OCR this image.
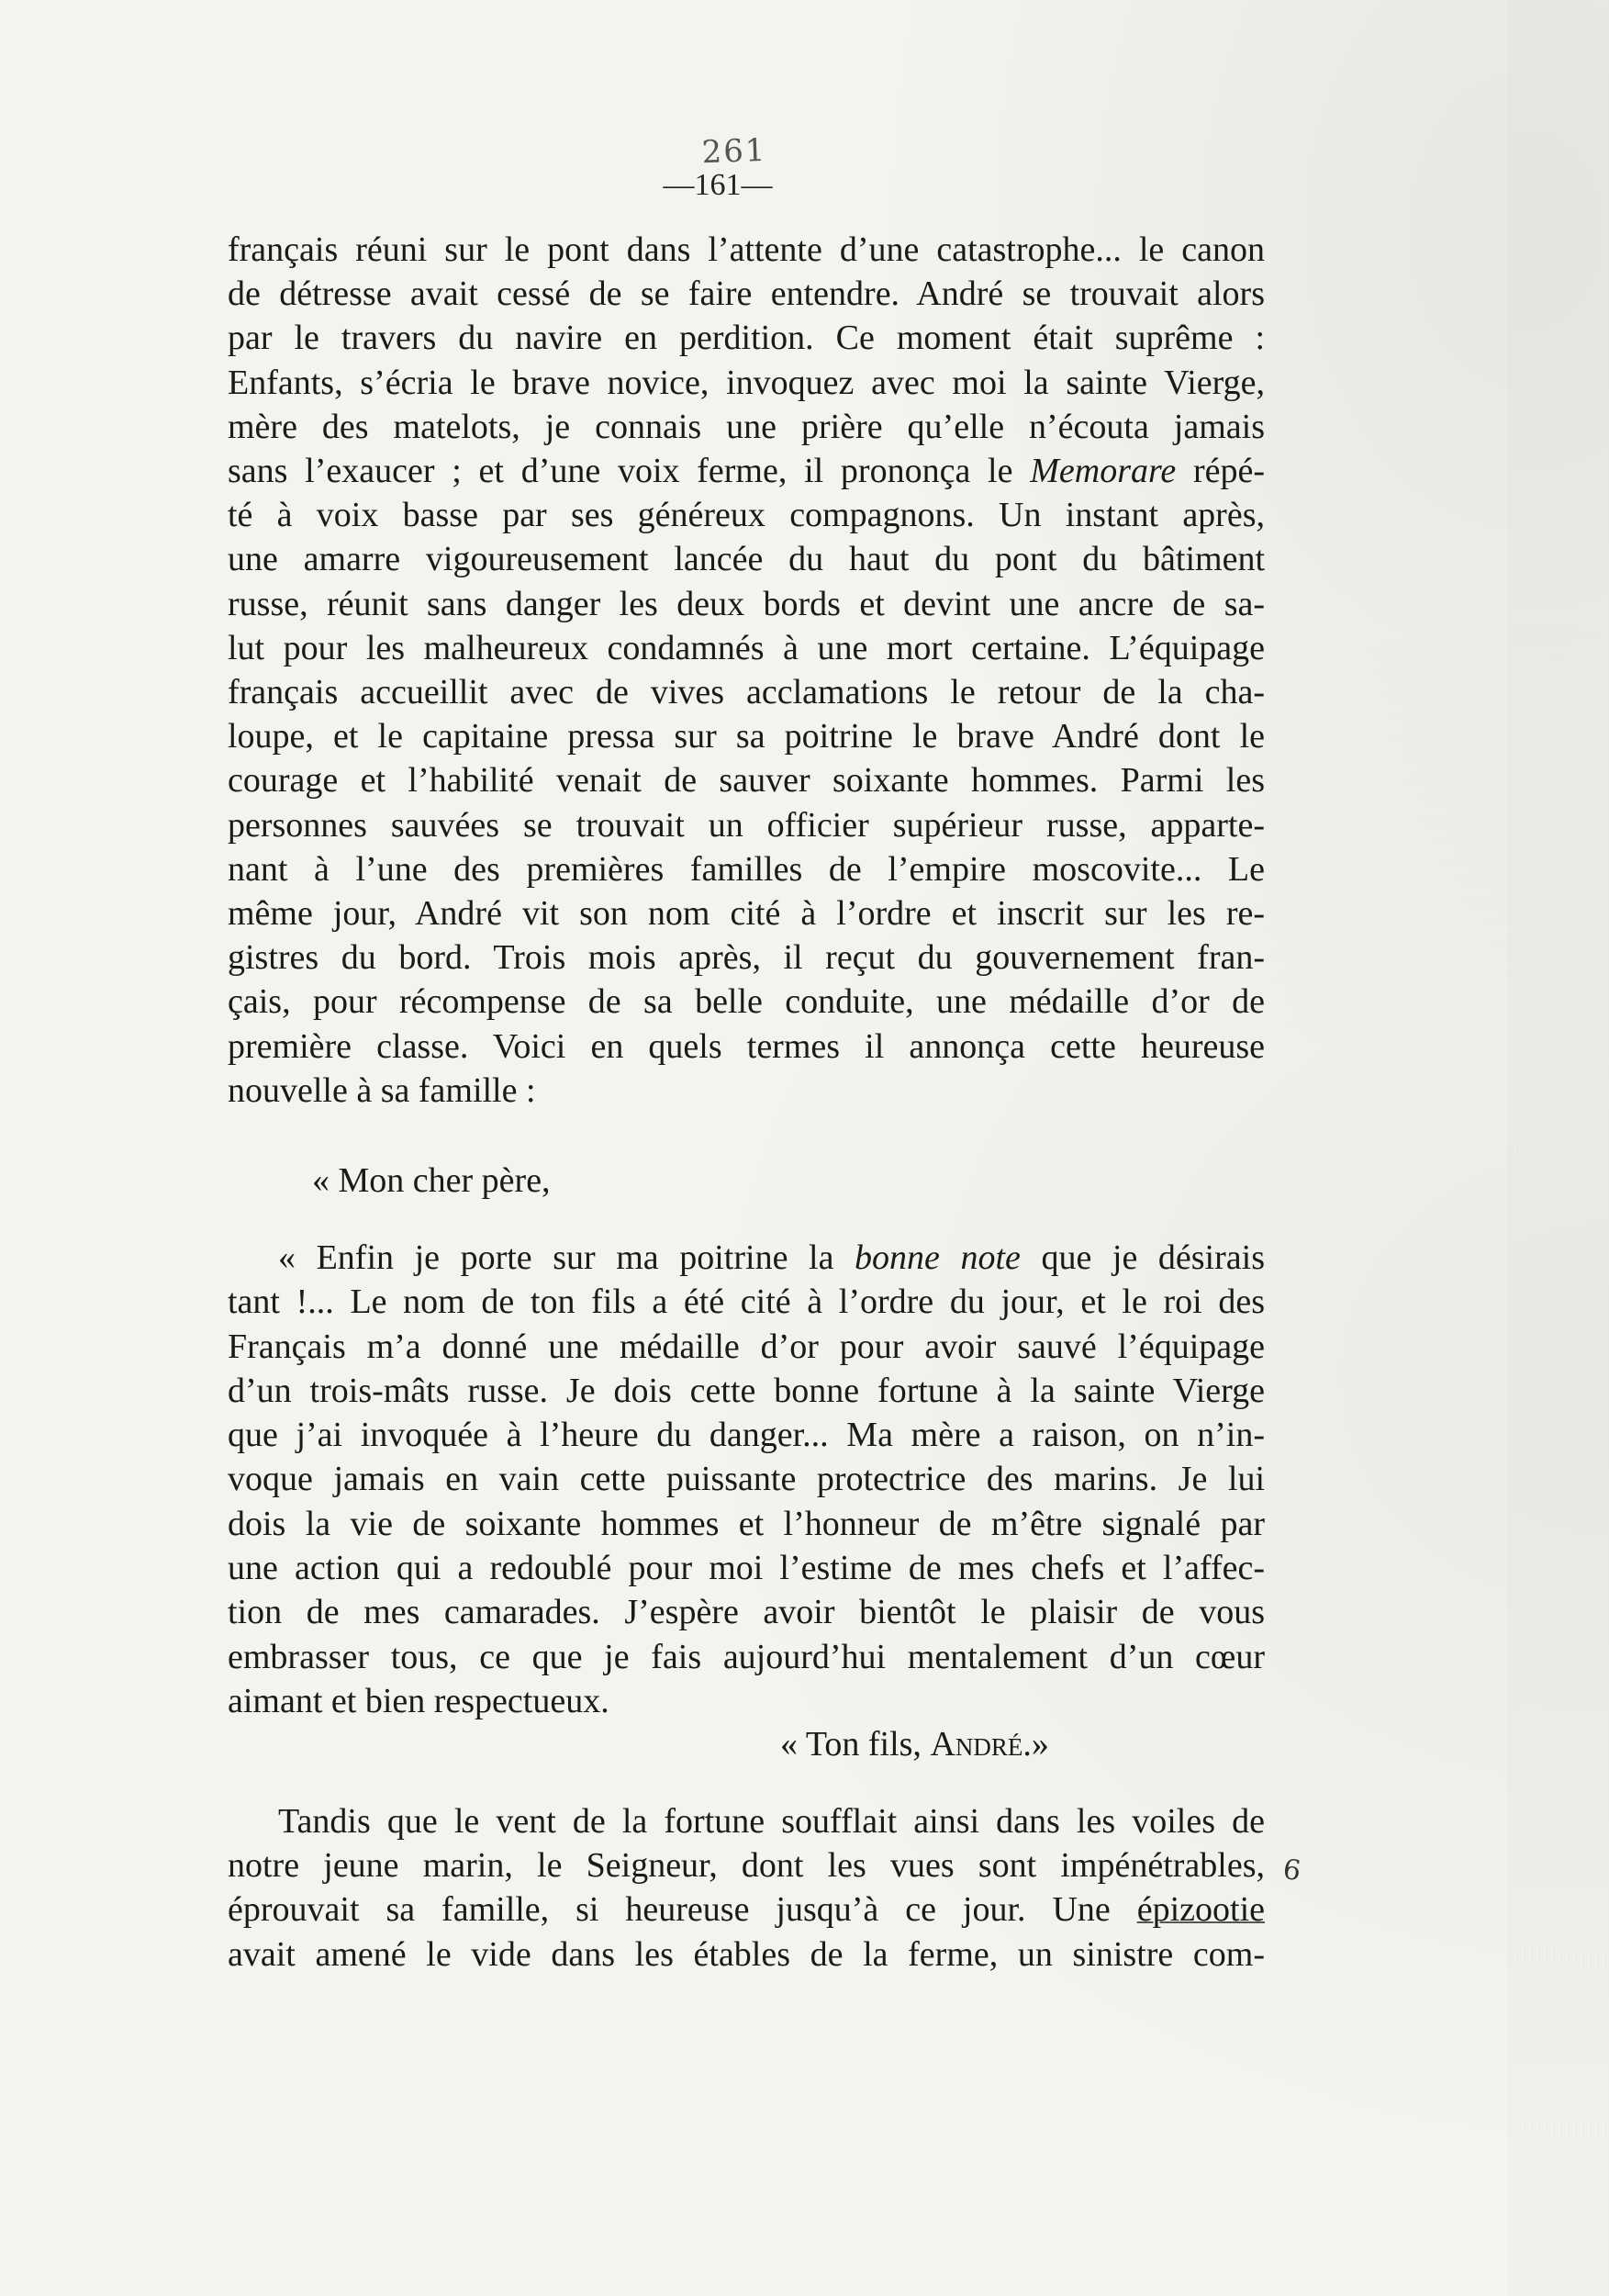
261
—161—
français réuni sur le pont dans l’attente d’une catastrophe... le canon
de détresse avait cessé de se faire entendre. André se trouvait alors
par le travers du navire en perdition. Ce moment était suprême :
Enfants, s’écria le brave novice, invoquez avec moi la sainte Vierge,
mère des matelots, je connais une prière qu’elle n’écouta jamais
sans l’exaucer ; et d’une voix ferme, il prononça le Memorare répé-
té à voix basse par ses généreux compagnons. Un instant après,
une amarre vigoureusement lancée du haut du pont du bâtiment
russe, réunit sans danger les deux bords et devint une ancre de sa-
lut pour les malheureux condamnés à une mort certaine. L’équipage
français accueillit avec de vives acclamations le retour de la cha-
loupe, et le capitaine pressa sur sa poitrine le brave André dont le
courage et l’habilité venait de sauver soixante hommes. Parmi les
personnes sauvées se trouvait un officier supérieur russe, apparte-
nant à l’une des premières familles de l’empire moscovite... Le
même jour, André vit son nom cité à l’ordre et inscrit sur les re-
gistres du bord. Trois mois après, il reçut du gouvernement fran-
çais, pour récompense de sa belle conduite, une médaille d’or de
première classe. Voici en quels termes il annonça cette heureuse
nouvelle à sa famille :
« Mon cher père,
« Enfin je porte sur ma poitrine la bonne note que je désirais
tant !... Le nom de ton fils a été cité à l’ordre du jour, et le roi des
Français m’a donné une médaille d’or pour avoir sauvé l’équipage
d’un trois-mâts russe. Je dois cette bonne fortune à la sainte Vierge
que j’ai invoquée à l’heure du danger... Ma mère a raison, on n’in-
voque jamais en vain cette puissante protectrice des marins. Je lui
dois la vie de soixante hommes et l’honneur de m’être signalé par
une action qui a redoublé pour moi l’estime de mes chefs et l’affec-
tion de mes camarades. J’espère avoir bientôt le plaisir de vous
embrasser tous, ce que je fais aujourd’hui mentalement d’un cœur
aimant et bien respectueux.
« Ton fils, André.»
Tandis que le vent de la fortune soufflait ainsi dans les voiles de
notre jeune marin, le Seigneur, dont les vues sont impénétrables,
éprouvait sa famille, si heureuse jusqu’à ce jour. Une épizootie
avait amené le vide dans les étables de la ferme, un sinistre com-
6
